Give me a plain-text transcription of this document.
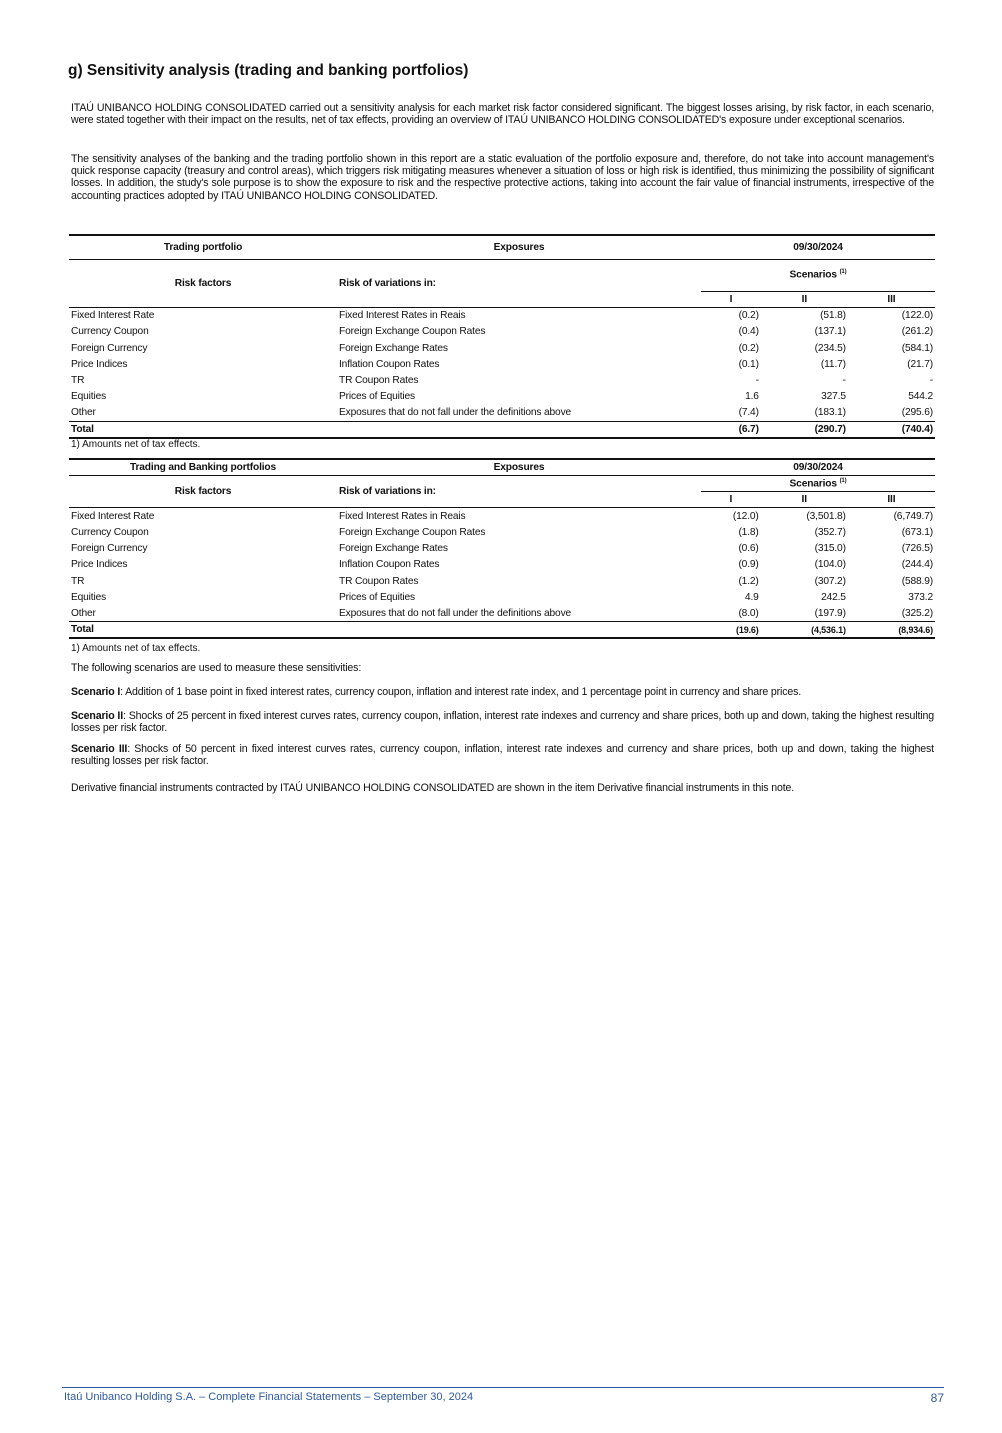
g) Sensitivity analysis (trading and banking portfolios)

ITAÚ UNIBANCO HOLDING CONSOLIDATED carried out a sensitivity analysis for each market risk factor considered significant. The biggest losses arising, by risk factor, in each scenario, were stated together with their impact on the results, net of tax effects, providing an overview of ITAÚ UNIBANCO HOLDING CONSOLIDATED's exposure under exceptional scenarios.

The sensitivity analyses of the banking and the trading portfolio shown in this report are a static evaluation of the portfolio exposure and, therefore, do not take into account management's quick response capacity (treasury and control areas), which triggers risk mitigating measures whenever a situation of loss or high risk is identified, thus minimizing the possibility of significant losses. In addition, the study's sole purpose is to show the exposure to risk and the respective protective actions, taking into account the fair value of financial instruments, irrespective of the accounting practices adopted by ITAÚ UNIBANCO HOLDING CONSOLIDATED.

Trading portfolio	Exposures	09/30/2024		
Risk factors	Risk of variations in:	Scenarios $^{(1)}$
		I	II	III
Fixed Interest Rate	Fixed Interest Rates in Reais	(0.2)	(51.8)	(122.0)
Currency Coupon	Foreign Exchange Coupon Rates	(0.4)	(137.1)	(261.2)
Foreign Currency	Foreign Exchange Rates	(0.2)	(234.5)	(584.1)
Price Indices	Inflation Coupon Rates	(0.1)	(11.7)	(21.7)
TR	TR Coupon Rates	-	-	-
Equities	Prices of Equities	1.6	327.5	544.2
Other	Exposures that do not fall under the definitions above	(7.4)	(183.1)	(295.6)
Total		(6.7)	(290.7)	(740.4)
1) Amounts net of tax effects.
Trading and Banking portfolios	Exposures	09/30/2024		
Risk factors	Risk of variations in:	Scenarios $^{(1)}$
		I	II	III
Fixed Interest Rate	Fixed Interest Rates in Reais	(12.0)	(3,501.8)	(6,749.7)
Currency Coupon	Foreign Exchange Coupon Rates	(1.8)	(352.7)	(673.1)
Foreign Currency	Foreign Exchange Rates	(0.6)	(315.0)	(726.5)
Price Indices	Inflation Coupon Rates	(0.9)	(104.0)	(244.4)
TR	TR Coupon Rates	(1.2)	(307.2)	(588.9)
Equities	Prices of Equities	4.9	242.5	373.2
Other	Exposures that do not fall under the definitions above	(8.0)	(197.9)	(325.2)
Total		(19.6)	(4,536.1)	(8,934.6)
1) Amounts net of tax effects.

The following scenarios are used to measure these sensitivities:

Scenario I: Addition of 1 base point in fixed interest rates, currency coupon, inflation and interest rate index, and 1 percentage point in currency and share prices.

Scenario II: Shocks of 25 percent in fixed interest curves rates, currency coupon, inflation, interest rate indexes and currency and share prices, both up and down, taking the highest resulting losses per risk factor.

Scenario III: Shocks of 50 percent in fixed interest curves rates, currency coupon, inflation, interest rate indexes and currency and share prices, both up and down, taking the highest resulting losses per risk factor.

Derivative financial instruments contracted by ITAÚ UNIBANCO HOLDING CONSOLIDATED are shown in the item Derivative financial instruments in this note.

Itaú Unibanco Holding S.A. – Complete Financial Statements – September 30, 2024	87
